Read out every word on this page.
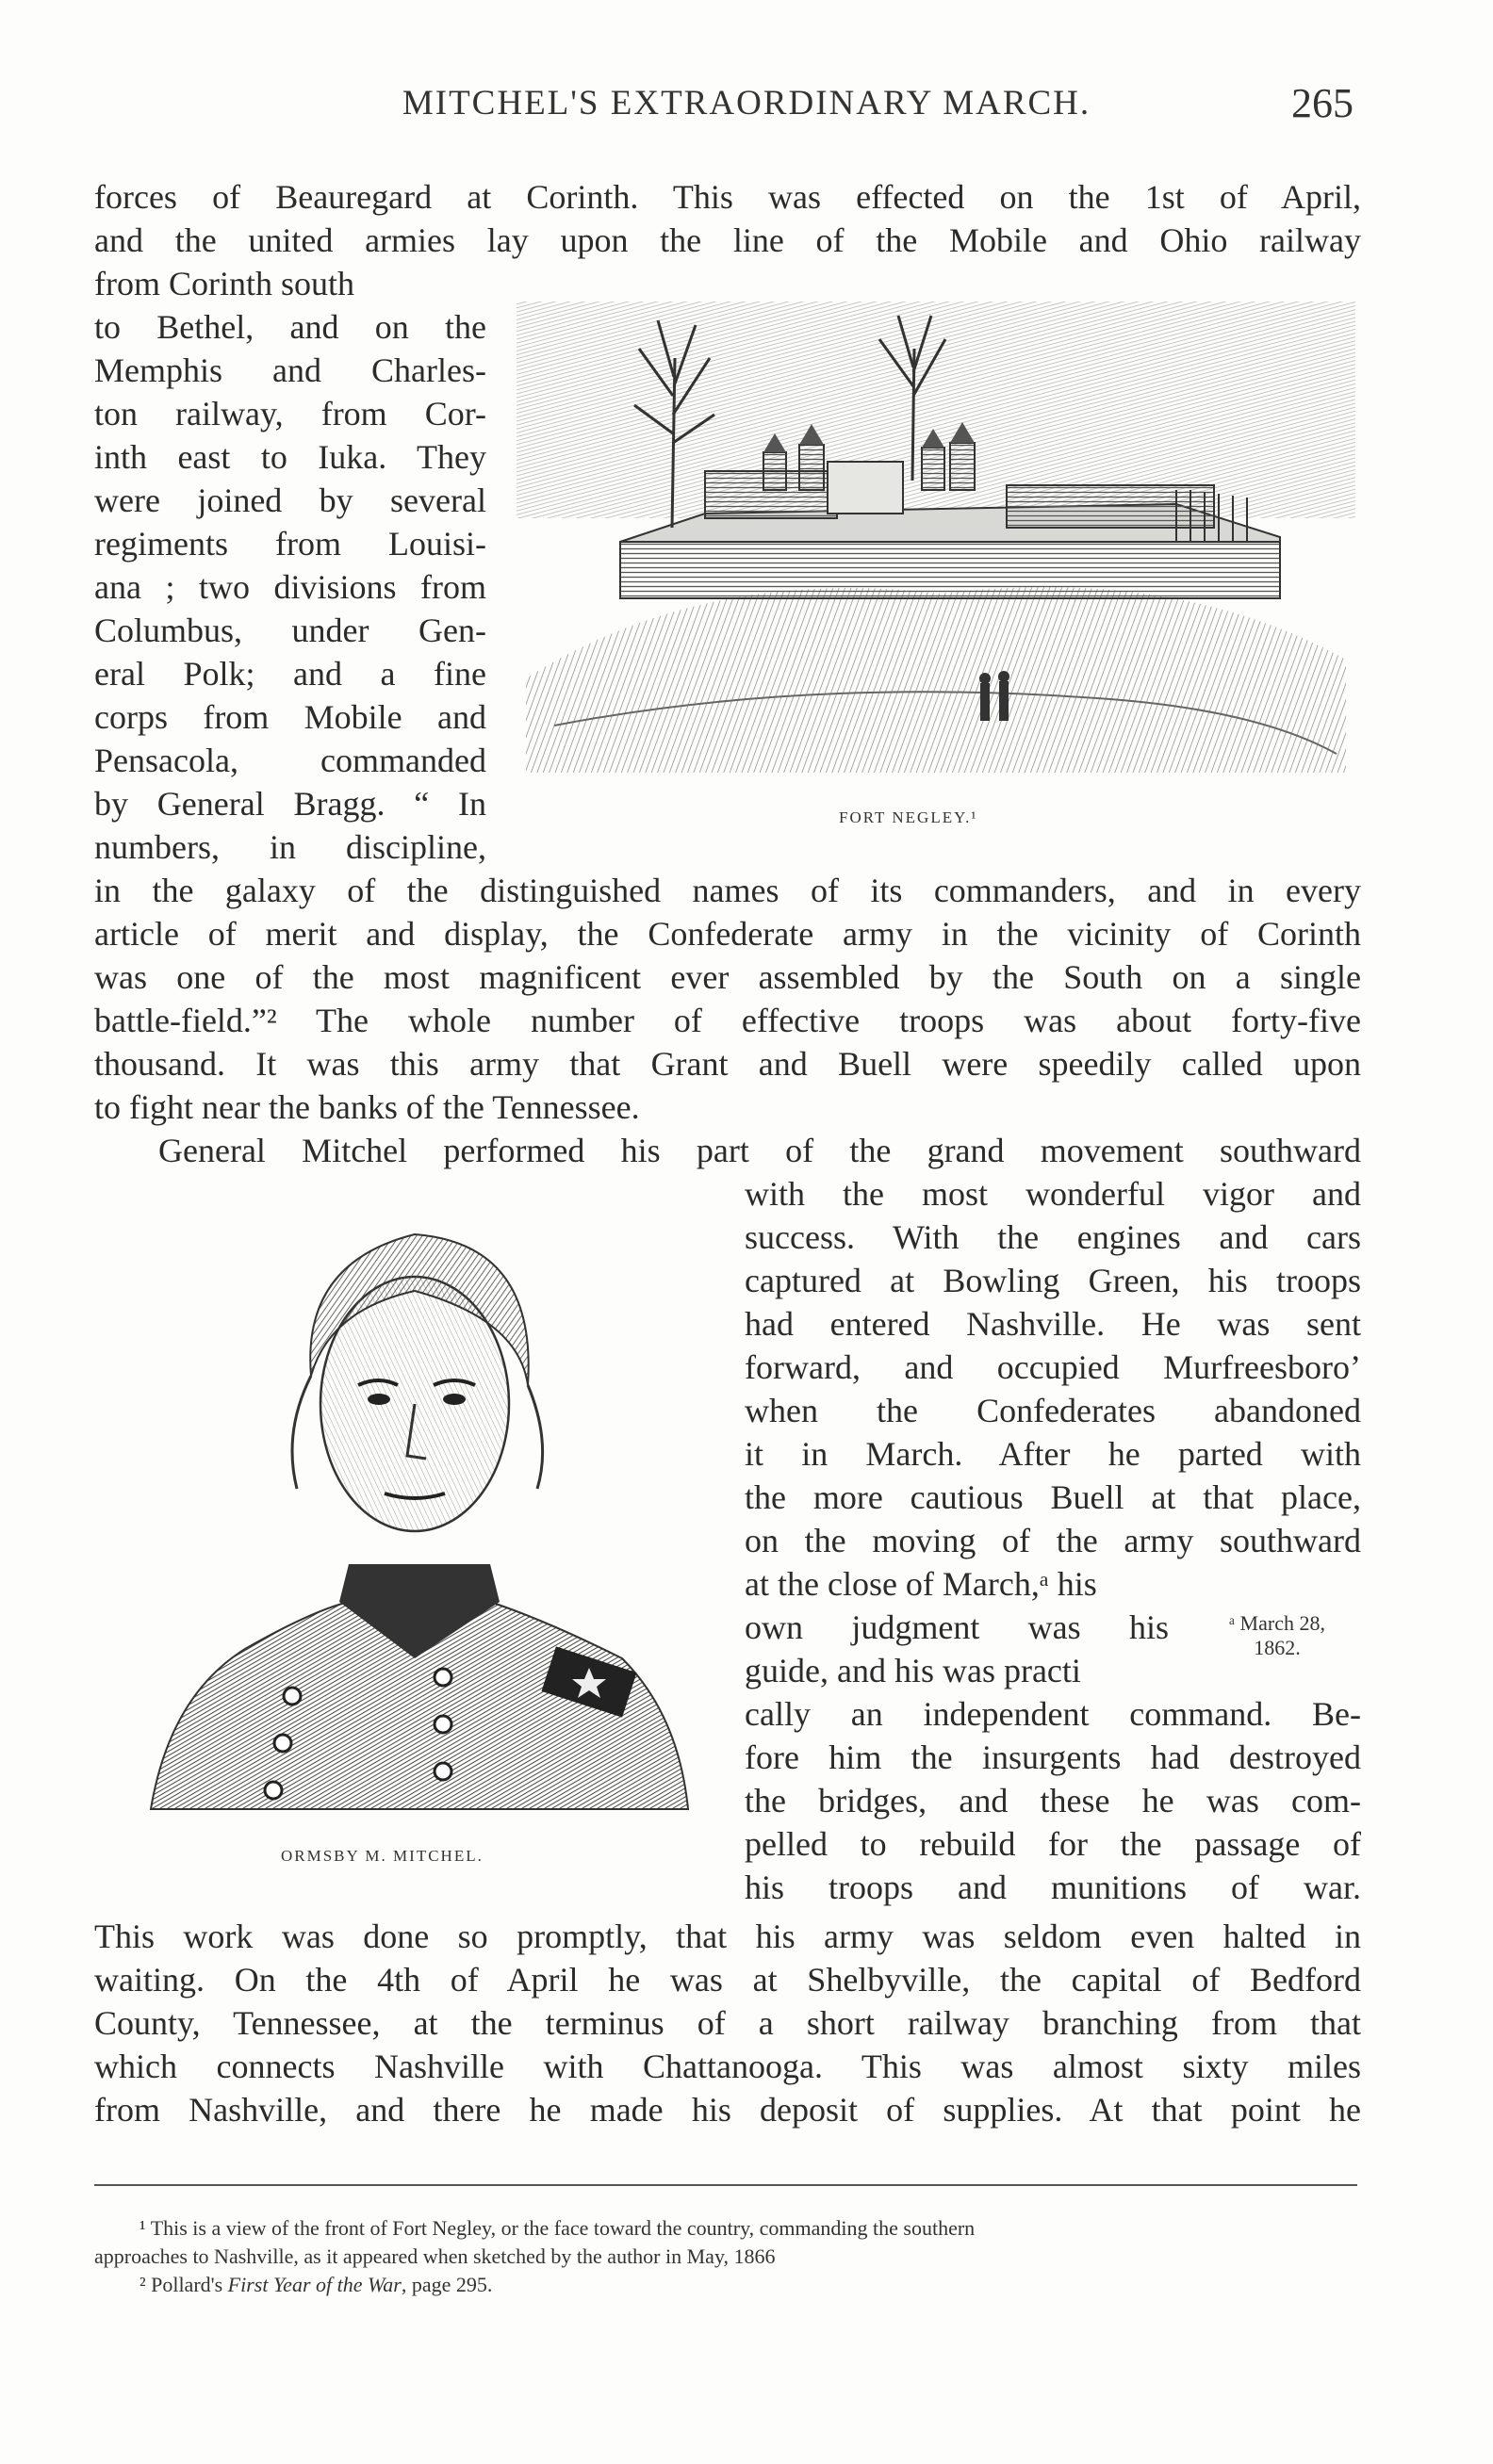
MITCHEL'S EXTRAORDINARY MARCH.	265
forces of Beauregard at Corinth. This was effected on the 1st of April,
and the united armies lay upon the line of the Mobile and Ohio railway
from Corinth south
to Bethel, and on the
Memphis and Charles-
ton railway, from Cor-
inth east to Iuka. They
were joined by several
regiments from Louisi-
ana ; two divisions from
Columbus, under Gen-
eral Polk; and a fine
corps from Mobile and
Pensacola, commanded
by General Bragg. “ In
numbers, in discipline,
FORT NEGLEY.¹
in the galaxy of the distinguished names of its commanders, and in every
article of merit and display, the Confederate army in the vicinity of Corinth
was one of the most magnificent ever assembled by the South on a single
battle-field.”² The whole number of effective troops was about forty-five
thousand. It was this army that Grant and Buell were speedily called upon
to fight near the banks of the Tennessee.
General Mitchel performed his part of the grand movement southward
ORMSBY M. MITCHEL.
with the most wonderful vigor and
success. With the engines and cars
captured at Bowling Green, his troops
had entered Nashville. He was sent
forward, and occupied Murfreesboro’
when the Confederates abandoned
it in March. After he parted with
the more cautious Buell at that place,
on the moving of the army southward
at the close of March,ᵃ his
own judgment was his
guide, and his was practi
ᵃ March 28,
1862.
cally an independent command. Be-
fore him the insurgents had destroyed
the bridges, and these he was com-
pelled to rebuild for the passage of
his troops and munitions of war.
This work was done so promptly, that his army was seldom even halted in
waiting. On the 4th of April he was at Shelbyville, the capital of Bedford
County, Tennessee, at the terminus of a short railway branching from that
which connects Nashville with Chattanooga. This was almost sixty miles
from Nashville, and there he made his deposit of supplies. At that point he
¹ This is a view of the front of Fort Negley, or the face toward the country, commanding the southern
approaches to Nashville, as it appeared when sketched by the author in May, 1866
² Pollard's First Year of the War, page 295.
